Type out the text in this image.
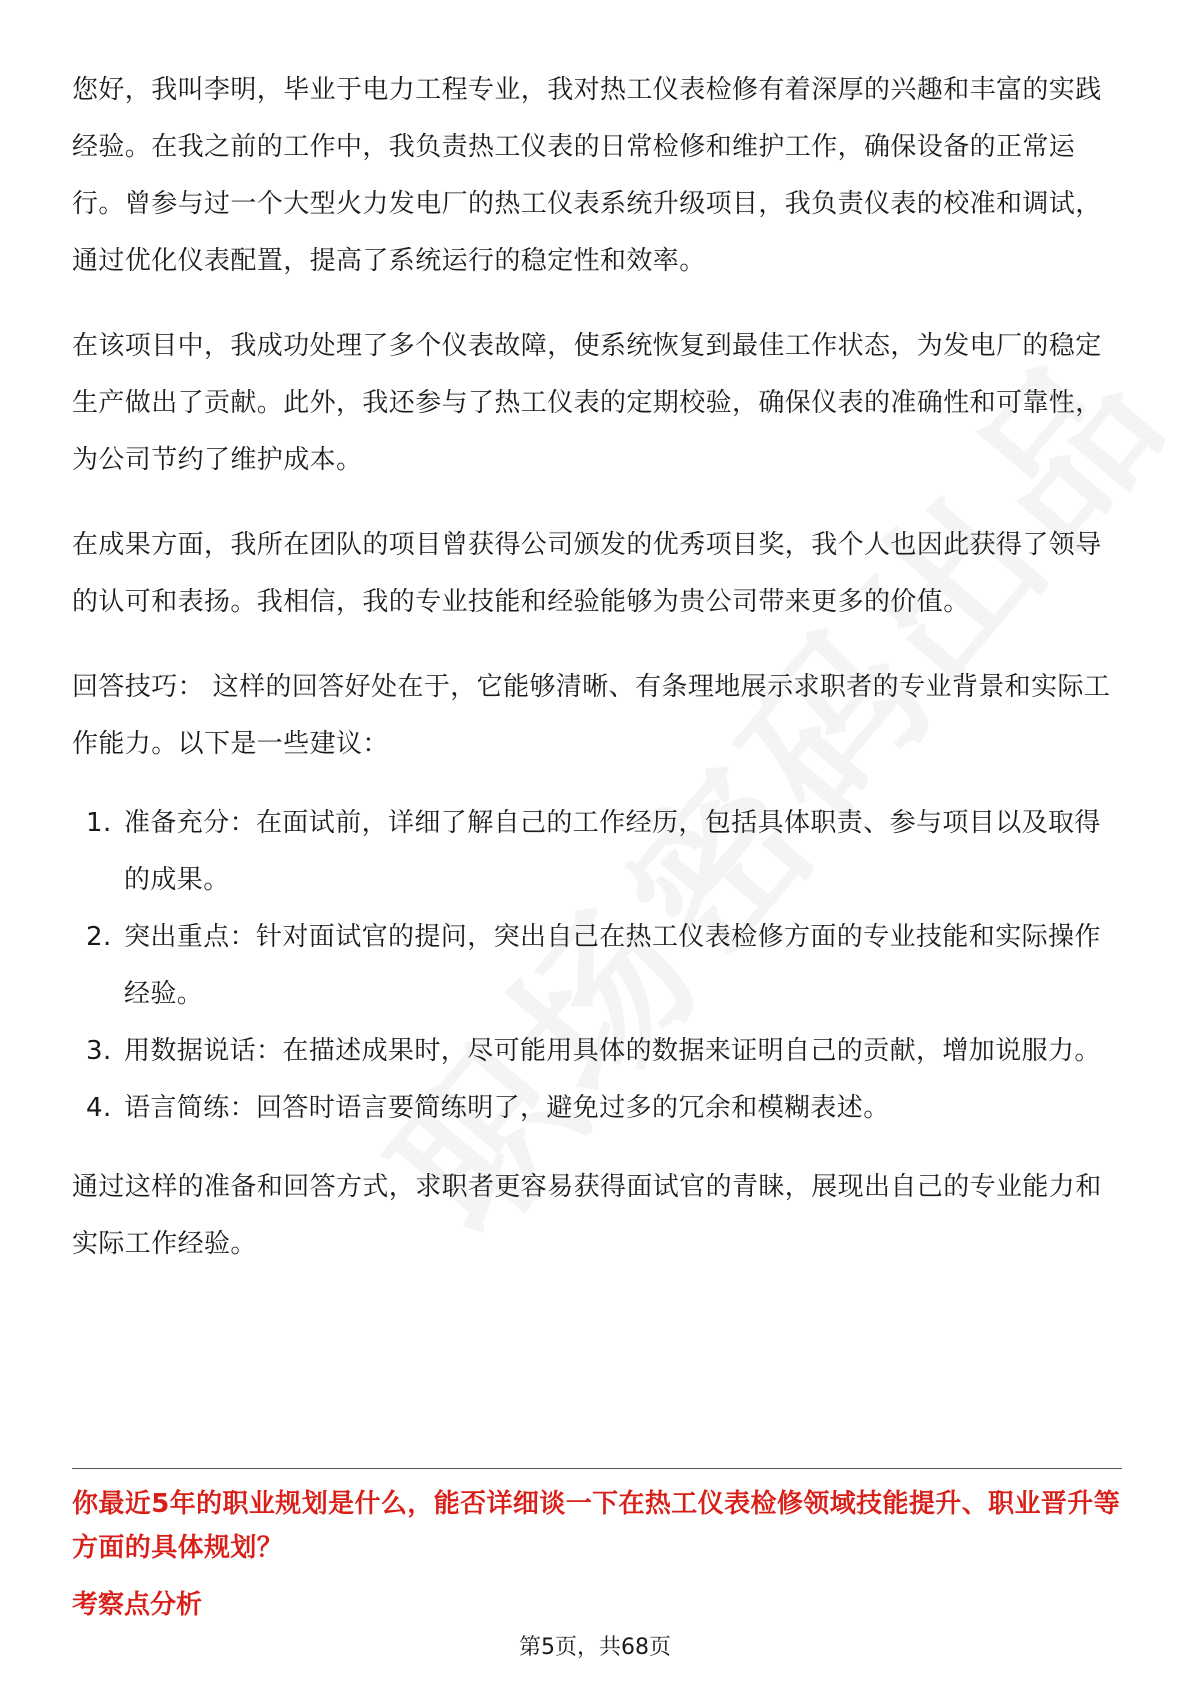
您好，我叫李明，毕业于电力工程专业，我对热工仪表检修有着深厚的兴趣和丰富的实践经验。在我之前的工作中，我负责热工仪表的日常检修和维护工作，确保设备的正常运行。曾参与过一个大型火力发电厂的热工仪表系统升级项目，我负责仪表的校准和调试，通过优化仪表配置，提高了系统运行的稳定性和效率。

在该项目中，我成功处理了多个仪表故障，使系统恢复到最佳工作状态，为发电厂的稳定生产做出了贡献。此外，我还参与了热工仪表的定期校验，确保仪表的准确性和可靠性，为公司节约了维护成本。

在成果方面，我所在团队的项目曾获得公司颁发的优秀项目奖，我个人也因此获得了领导的认可和表扬。我相信，我的专业技能和经验能够为贵公司带来更多的价值。

回答技巧： 这样的回答好处在于，它能够清晰、有条理地展示求职者的专业背景和实际工作能力。以下是一些建议：

1. 准备充分：在面试前，详细了解自己的工作经历，包括具体职责、参与项目以及取得的成果。
2. 突出重点：针对面试官的提问，突出自己在热工仪表检修方面的专业技能和实际操作经验。
3. 用数据说话：在描述成果时，尽可能用具体的数据来证明自己的贡献，增加说服力。
4. 语言简练：回答时语言要简练明了，避免过多的冗余和模糊表述。

通过这样的准备和回答方式，求职者更容易获得面试官的青睐，展现出自己的专业能力和实际工作经验。

你最近5年的职业规划是什么，能否详细谈一下在热工仪表检修领域技能提升、职业晋升等方面的具体规划？

考察点分析

第5页，共68页
